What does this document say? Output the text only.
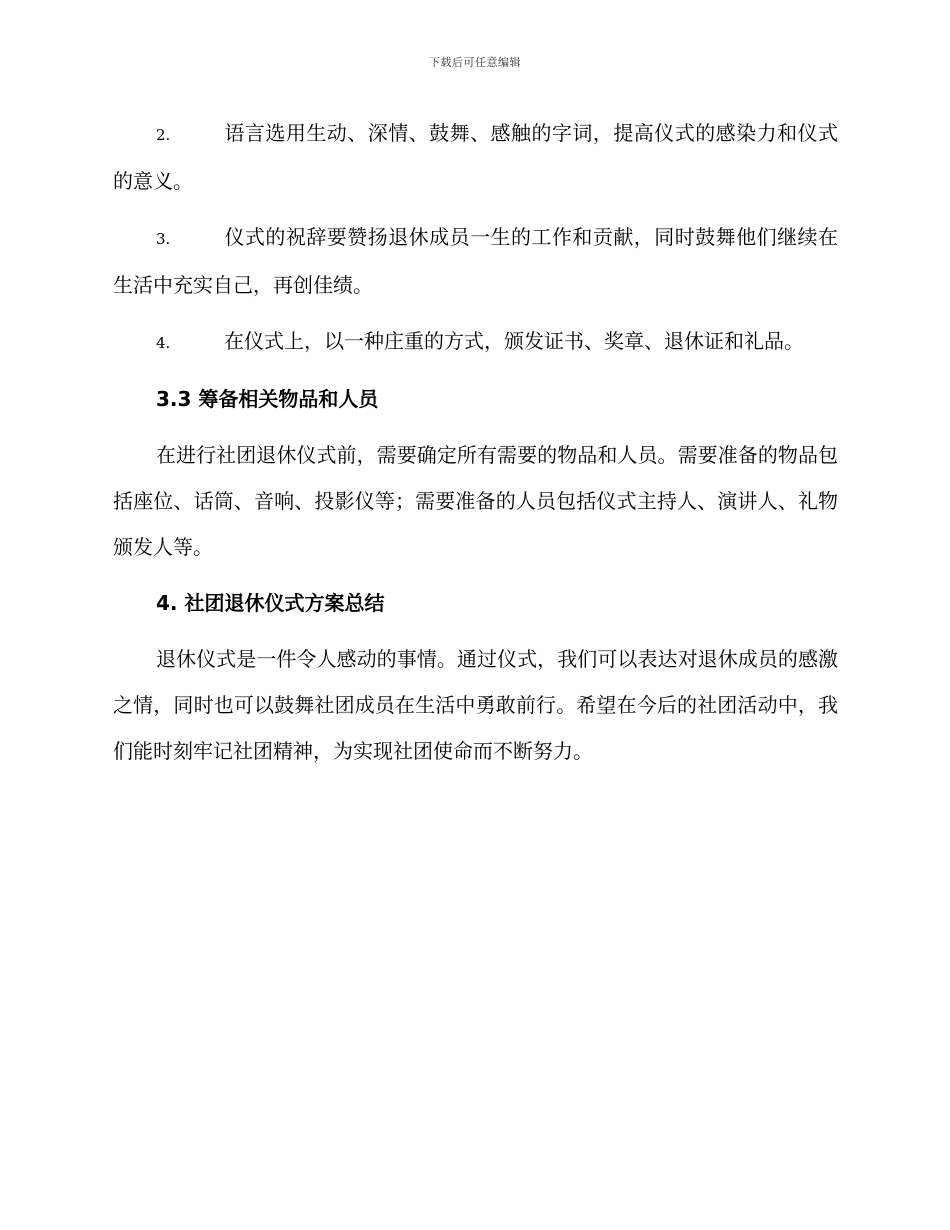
下载后可任意编辑

2.	语言选用生动、深情、鼓舞、感触的字词，提高仪式的感染力和仪式的意义。

3.	仪式的祝辞要赞扬退休成员一生的工作和贡献，同时鼓舞他们继续在生活中充实自己，再创佳绩。

4.	在仪式上，以一种庄重的方式，颁发证书、奖章、退休证和礼品。

3.3 筹备相关物品和人员

在进行社团退休仪式前，需要确定所有需要的物品和人员。需要准备的物品包括座位、话筒、音响、投影仪等；需要准备的人员包括仪式主持人、演讲人、礼物颁发人等。

4. 社团退休仪式方案总结

退休仪式是一件令人感动的事情。通过仪式，我们可以表达对退休成员的感激之情，同时也可以鼓舞社团成员在生活中勇敢前行。希望在今后的社团活动中，我们能时刻牢记社团精神，为实现社团使命而不断努力。
